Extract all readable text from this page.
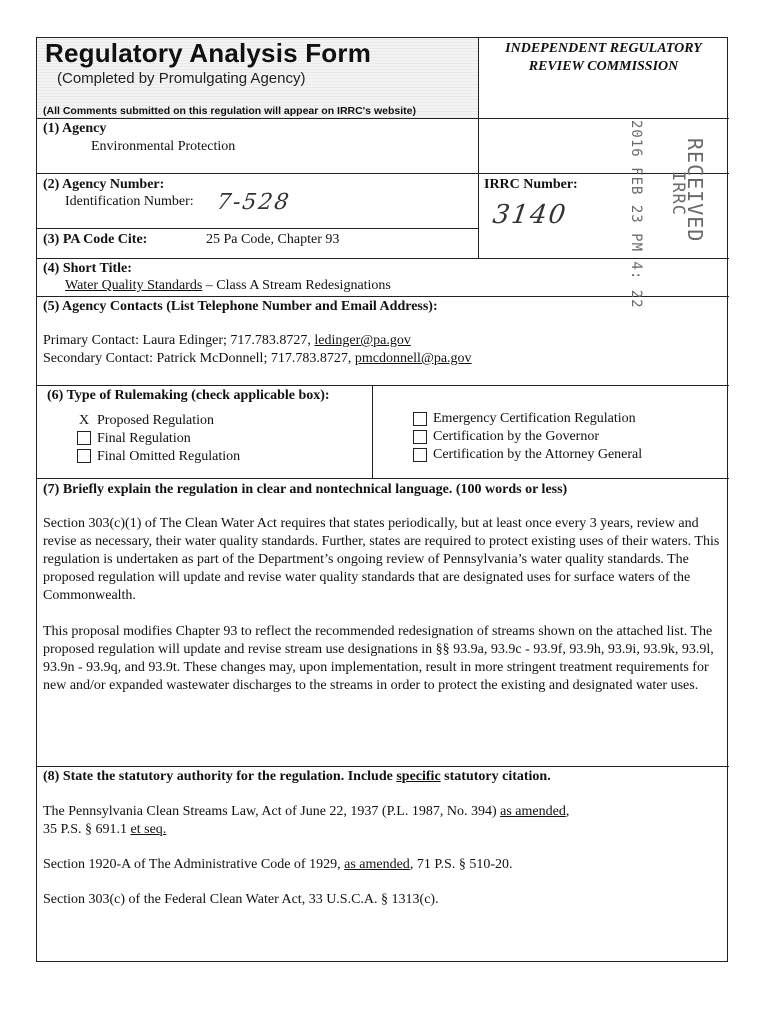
Regulatory Analysis Form
(Completed by Promulgating Agency)
(All Comments submitted on this regulation will appear on IRRC's website)
INDEPENDENT REGULATORY
REVIEW COMMISSION
(1) Agency
Environmental Protection
(2) Agency Number:
Identification Number: 7-528
IRRC Number:
3140	2016 FEB 23 PM 4: 22 RECEIVED
IRRC
(3) PA Code Cite:	25 Pa Code, Chapter 93
(4) Short Title:
Water Quality Standards – Class A Stream Redesignations
(5) Agency Contacts (List Telephone Number and Email Address):
Primary Contact: Laura Edinger; 717.783.8727, ledinger@pa.gov
Secondary Contact: Patrick McDonnell; 717.783.8727, pmcdonnell@pa.gov
(6) Type of Rulemaking (check applicable box):
X Proposed Regulation
Final Regulation
Final Omitted Regulation
Emergency Certification Regulation
Certification by the Governor
Certification by the Attorney General
(7) Briefly explain the regulation in clear and nontechnical language. (100 words or less)
Section 303(c)(1) of The Clean Water Act requires that states periodically, but at least once every 3 years, review and revise as necessary, their water quality standards. Further, states are required to protect existing uses of their waters. This regulation is undertaken as part of the Department’s ongoing review of Pennsylvania’s water quality standards. The proposed regulation will update and revise water quality standards that are designated uses for surface waters of the Commonwealth.
This proposal modifies Chapter 93 to reflect the recommended redesignation of streams shown on the attached list. The proposed regulation will update and revise stream use designations in §§ 93.9a, 93.9c - 93.9f, 93.9h, 93.9i, 93.9k, 93.9l, 93.9n - 93.9q, and 93.9t. These changes may, upon implementation, result in more stringent treatment requirements for new and/or expanded wastewater discharges to the streams in order to protect the existing and designated water uses.
(8) State the statutory authority for the regulation. Include specific statutory citation.
The Pennsylvania Clean Streams Law, Act of June 22, 1937 (P.L. 1987, No. 394) as amended,
35 P.S. § 691.1 et seq.
Section 1920-A of The Administrative Code of 1929, as amended, 71 P.S. § 510-20.
Section 303(c) of the Federal Clean Water Act, 33 U.S.C.A. § 1313(c).
